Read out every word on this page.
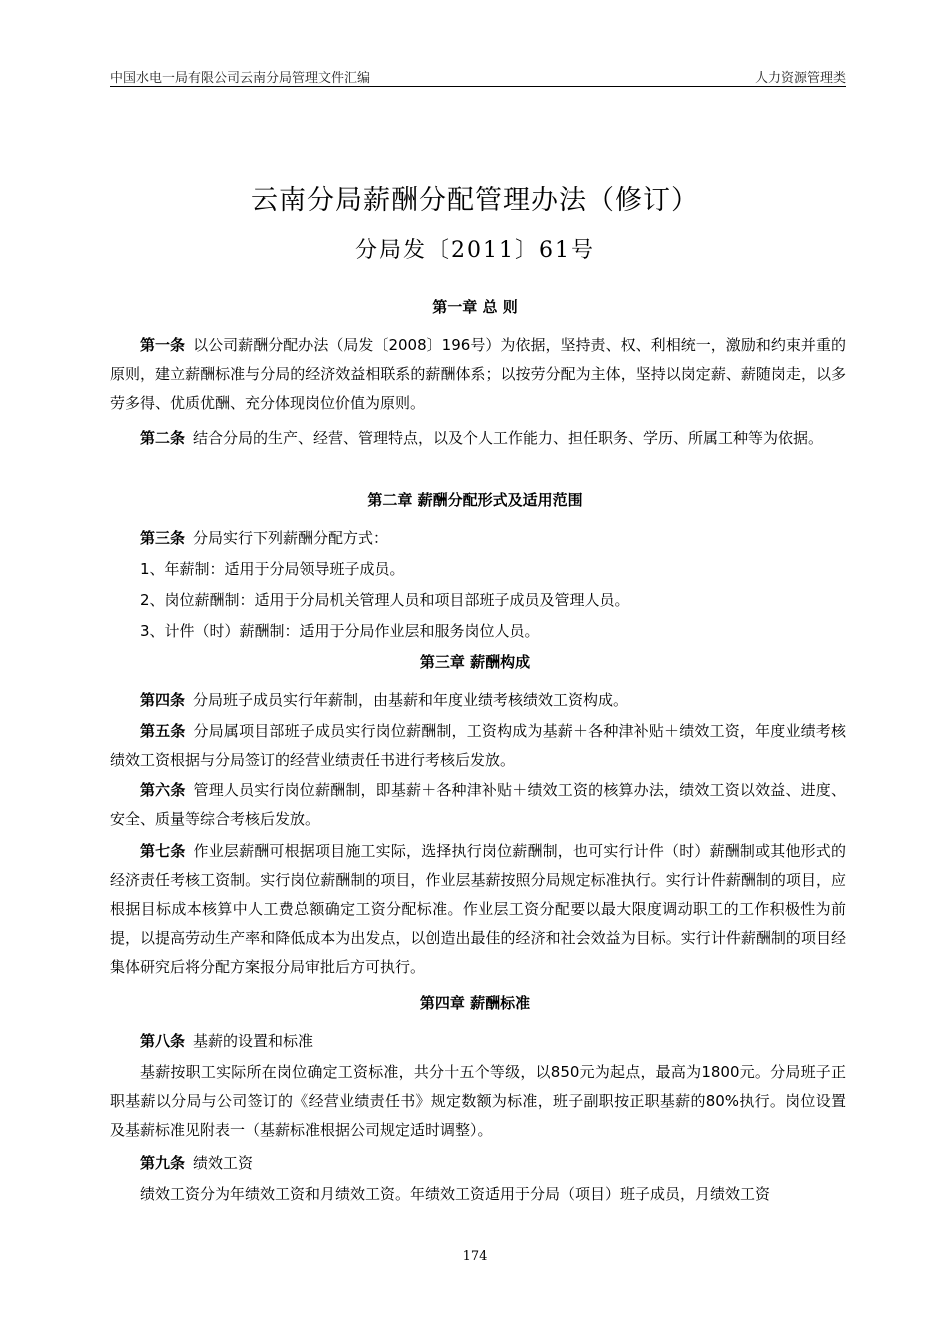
中国水电一局有限公司云南分局管理文件汇编	人力资源管理类
云南分局薪酬分配管理办法（修订）
分局发〔2011〕61号
第一章 总 则
第一条 以公司薪酬分配办法（局发〔2008〕196号）为依据，坚持责、权、利相统一，激励和约束并重的原则，建立薪酬标准与分局的经济效益相联系的薪酬体系；以按劳分配为主体，坚持以岗定薪、薪随岗走，以多劳多得、优质优酬、充分体现岗位价值为原则。
第二条 结合分局的生产、经营、管理特点，以及个人工作能力、担任职务、学历、所属工种等为依据。
第二章 薪酬分配形式及适用范围
第三条 分局实行下列薪酬分配方式：
1、年薪制：适用于分局领导班子成员。
2、岗位薪酬制：适用于分局机关管理人员和项目部班子成员及管理人员。
3、计件（时）薪酬制：适用于分局作业层和服务岗位人员。
第三章 薪酬构成
第四条 分局班子成员实行年薪制，由基薪和年度业绩考核绩效工资构成。
第五条 分局属项目部班子成员实行岗位薪酬制，工资构成为基薪＋各种津补贴＋绩效工资，年度业绩考核绩效工资根据与分局签订的经营业绩责任书进行考核后发放。
第六条 管理人员实行岗位薪酬制，即基薪＋各种津补贴＋绩效工资的核算办法，绩效工资以效益、进度、安全、质量等综合考核后发放。
第七条 作业层薪酬可根据项目施工实际，选择执行岗位薪酬制，也可实行计件（时）薪酬制或其他形式的经济责任考核工资制。实行岗位薪酬制的项目，作业层基薪按照分局规定标准执行。实行计件薪酬制的项目，应根据目标成本核算中人工费总额确定工资分配标准。作业层工资分配要以最大限度调动职工的工作积极性为前提，以提高劳动生产率和降低成本为出发点，以创造出最佳的经济和社会效益为目标。实行计件薪酬制的项目经集体研究后将分配方案报分局审批后方可执行。
第四章 薪酬标准
第八条 基薪的设置和标准
基薪按职工实际所在岗位确定工资标准，共分十五个等级，以850元为起点，最高为1800元。分局班子正职基薪以分局与公司签订的《经营业绩责任书》规定数额为标准，班子副职按正职基薪的80%执行。岗位设置及基薪标准见附表一（基薪标准根据公司规定适时调整）。
第九条 绩效工资
绩效工资分为年绩效工资和月绩效工资。年绩效工资适用于分局（项目）班子成员，月绩效工资
174
